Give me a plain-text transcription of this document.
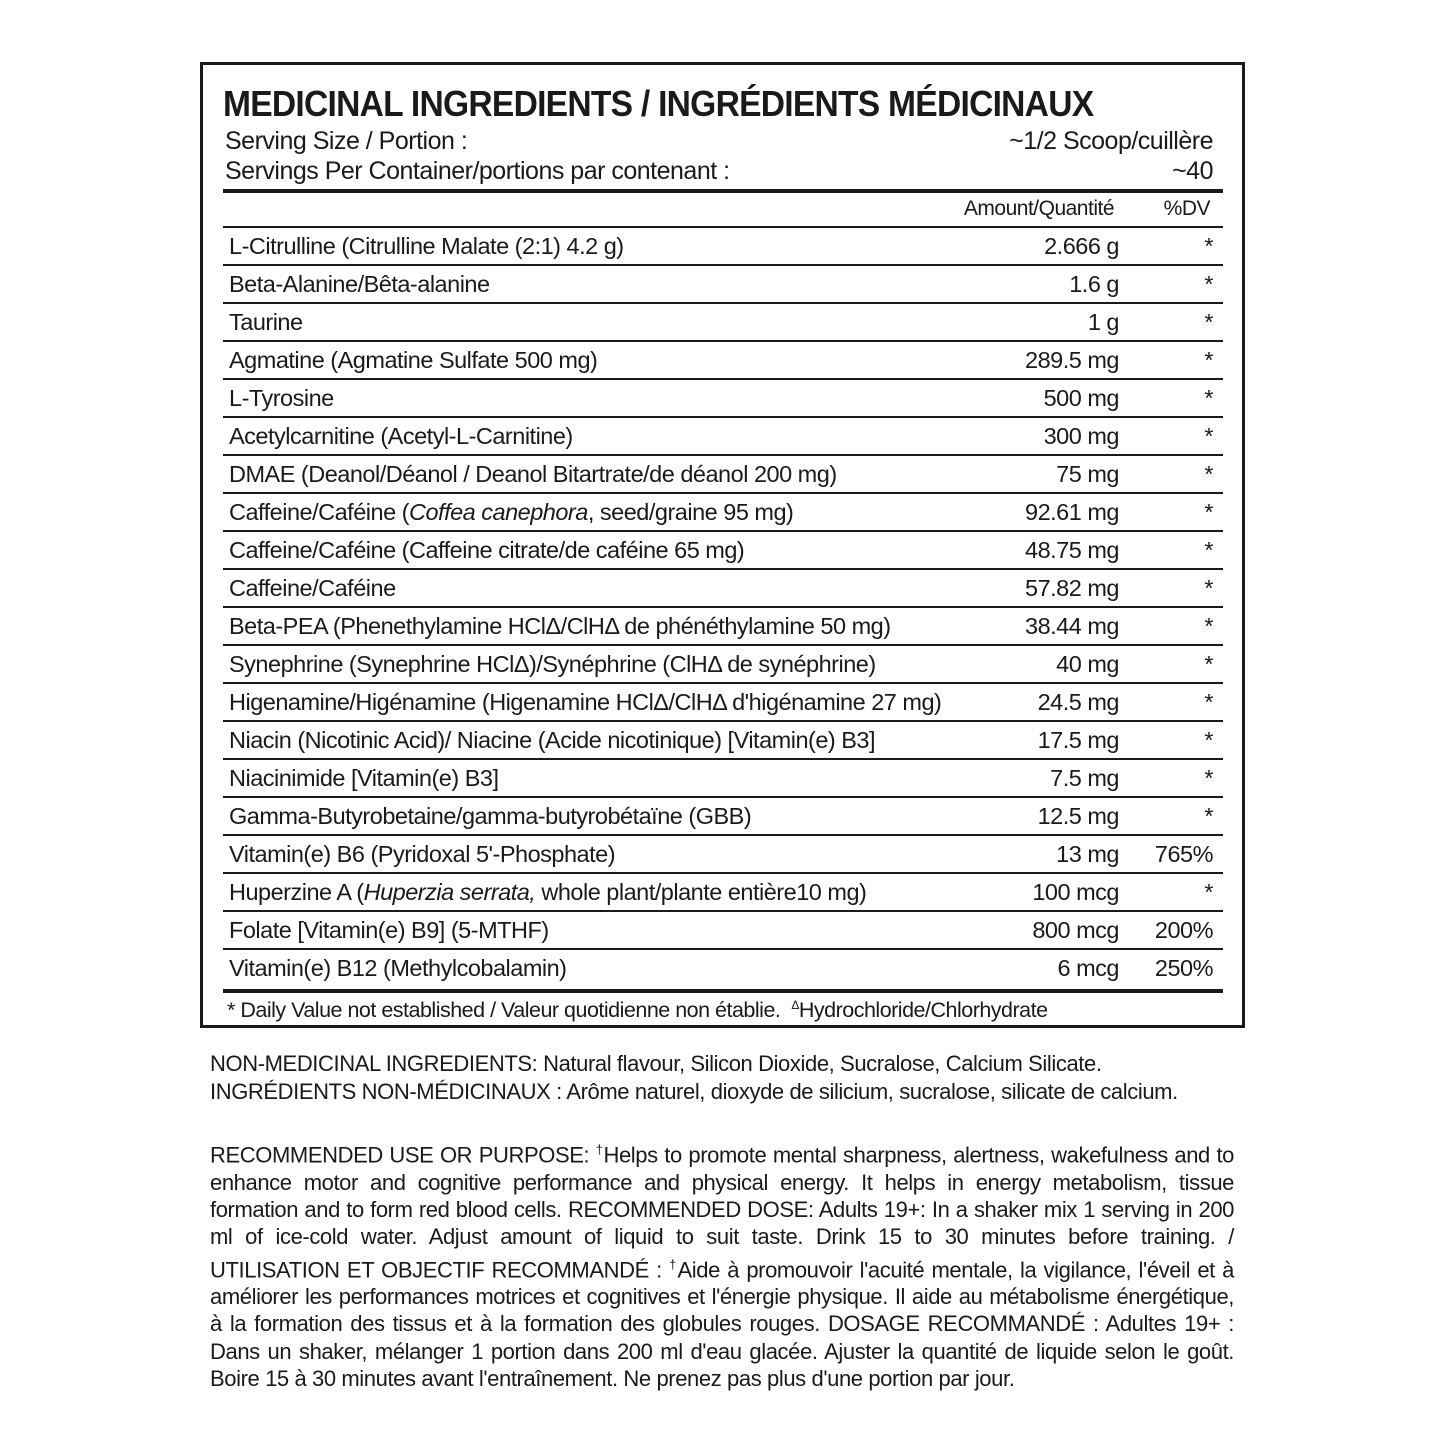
MEDICINAL INGREDIENTS / INGRÉDIENTS MÉDICINAUX
Serving Size / Portion :	~1/2 Scoop/cuillère
Servings Per Container/portions par contenant :	~40
Amount/Quantité %DV
L-Citrulline (Citrulline Malate (2:1) 4.2 g)	2.666 g	*
Beta-Alanine/Bêta-alanine	1.6 g	*
Taurine	1 g	*
Agmatine (Agmatine Sulfate 500 mg)	289.5 mg	*
L-Tyrosine	500 mg	*
Acetylcarnitine (Acetyl-L-Carnitine)	300 mg	*
DMAE (Deanol/Déanol / Deanol Bitartrate/de déanol 200 mg)	75 mg	*
Caffeine/Caféine (Coffea canephora, seed/graine 95 mg)	92.61 mg	*
Caffeine/Caféine (Caffeine citrate/de caféine 65 mg)	48.75 mg	*
Caffeine/Caféine	57.82 mg	*
Beta-PEA (Phenethylamine HClΔ/ClHΔ de phénéthylamine 50 mg)	38.44 mg	*
Synephrine (Synephrine HClΔ)/Synéphrine (ClHΔ de synéphrine)	40 mg	*
Higenamine/Higénamine (Higenamine HClΔ/ClHΔ d'higénamine 27 mg)	24.5 mg	*
Niacin (Nicotinic Acid)/ Niacine (Acide nicotinique) [Vitamin(e) B3]	17.5 mg	*
Niacinimide [Vitamin(e) B3]	7.5 mg	*
Gamma-Butyrobetaine/gamma-butyrobétaïne (GBB)	12.5 mg	*
Vitamin(e) B6 (Pyridoxal 5'-Phosphate)	13 mg 765%
Huperzine A (Huperzia serrata, whole plant/plante entière10 mg)	100 mcg	*
Folate [Vitamin(e) B9] (5-MTHF)	800 mcg 200%
Vitamin(e) B12 (Methylcobalamin)	6 mcg 250%
* Daily Value not established / Valeur quotidienne non établie. $^\Delta$Hydrochloride/Chlorhydrate
NON-MEDICINAL INGREDIENTS: Natural flavour, Silicon Dioxide, Sucralose, Calcium Silicate.
INGRÉDIENTS NON-MÉDICINAUX : Arôme naturel, dioxyde de silicium, sucralose, silicate de calcium.
RECOMMENDED USE OR PURPOSE: †Helps to promote mental sharpness, alertness, wakefulness and to enhance motor and cognitive performance and physical energy. It helps in energy metabolism, tissue formation and to form red blood cells. RECOMMENDED DOSE: Adults 19+: In a shaker mix 1 serving in 200 ml of ice-cold water. Adjust amount of liquid to suit taste. Drink 15 to 30 minutes before training. / UTILISATION ET OBJECTIF RECOMMANDÉ : †Aide à promouvoir l'acuité mentale, la vigilance, l'éveil et à améliorer les performances motrices et cognitives et l'énergie physique. Il aide au métabolisme énergétique, à la formation des tissus et à la formation des globules rouges. DOSAGE RECOMMANDÉ : Adultes 19+ : Dans un shaker, mélanger 1 portion dans 200 ml d'eau glacée. Ajuster la quantité de liquide selon le goût. Boire 15 à 30 minutes avant l'entraînement. Ne prenez pas plus d'une portion par jour.
